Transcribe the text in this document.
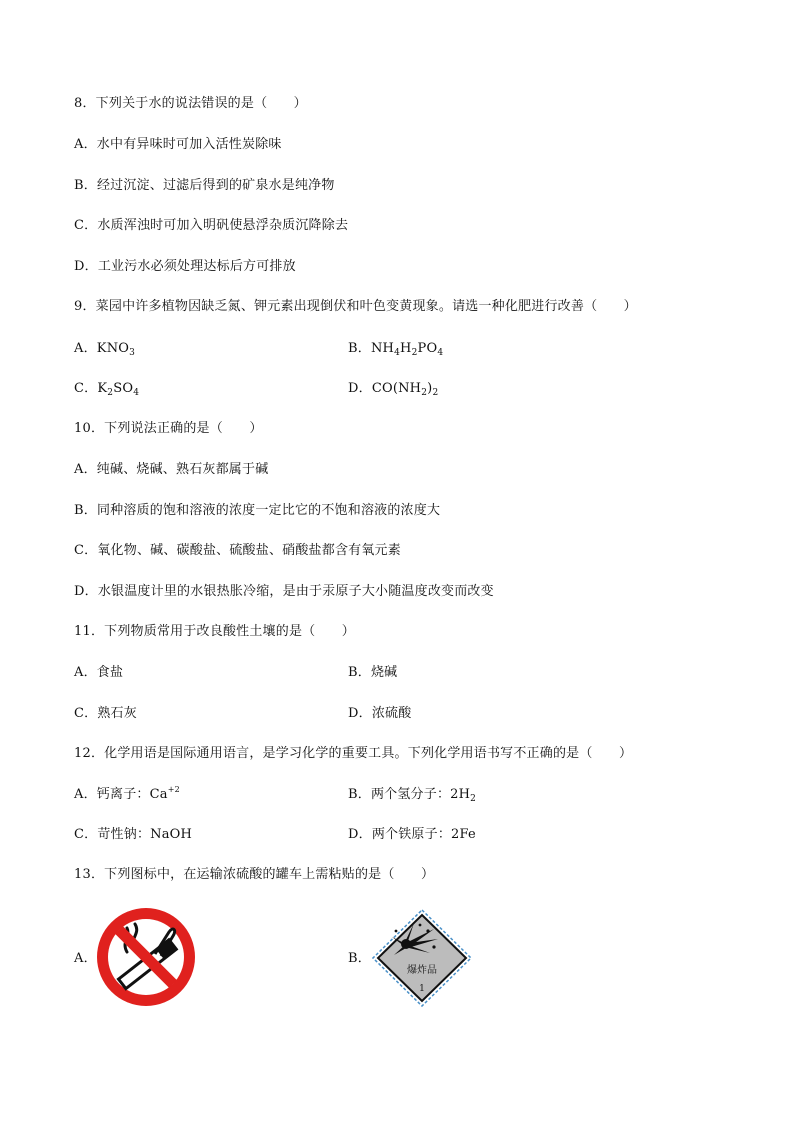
8．下列关于水的说法错误的是（　　）
A．水中有异味时可加入活性炭除味
B．经过沉淀、过滤后得到的矿泉水是纯净物
C．水质浑浊时可加入明矾使悬浮杂质沉降除去
D．工业污水必须处理达标后方可排放
9．菜园中许多植物因缺乏氮、钾元素出现倒伏和叶色变黄现象。请选一种化肥进行改善（　　）
A．$KNO_3$	B．$NH_4H_2PO_4$
C．$K_2SO_4$	D．$CO(NH_2)_2$
10．下列说法正确的是（　　）
A．纯碱、烧碱、熟石灰都属于碱
B．同种溶质的饱和溶液的浓度一定比它的不饱和溶液的浓度大
C．氧化物、碱、碳酸盐、硫酸盐、硝酸盐都含有氧元素
D．水银温度计里的水银热胀冷缩，是由于汞原子大小随温度改变而改变
11．下列物质常用于改良酸性土壤的是（　　）
A．食盐	B．烧碱
C．熟石灰	D．浓硫酸
12．化学用语是国际通用语言，是学习化学的重要工具。下列化学用语书写不正确的是（　　）
A．钙离子：$Ca^{+2}$	B．两个氢分子：$2H_2$
C．苛性钠：NaOH	D．两个铁原子：2Fe
13．下列图标中，在运输浓硫酸的罐车上需粘贴的是（　　）
A．	B．
爆炸品
1
